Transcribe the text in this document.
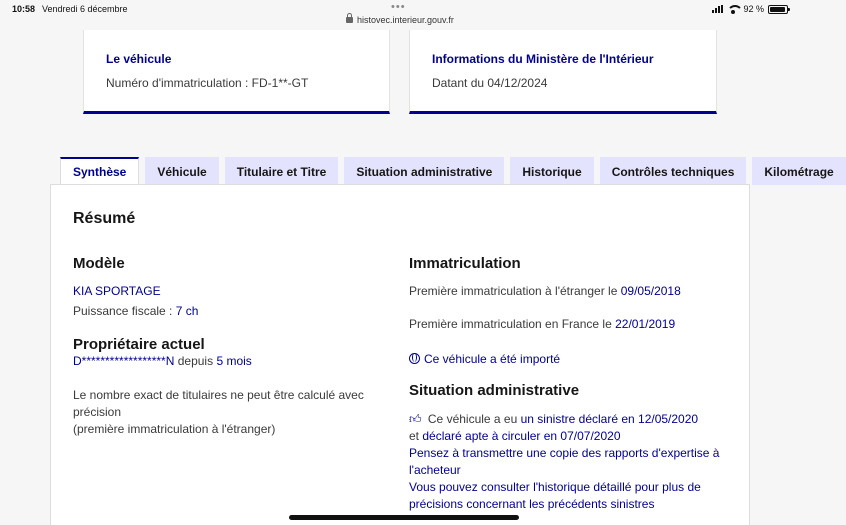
10:58 Vendredi 6 décembre	•••
histovec.interieur.gouv.fr
92 %
Le véhicule

Numéro d'immatriculation : FD-1**-GT

Informations du Ministère de l'Intérieur

Datant du 04/12/2024

Synthèse	Véhicule	Titulaire et Titre	Situation administrative	Historique	Contrôles techniques	Kilométrage
Résumé
Modèle
KIA SPORTAGE
Puissance fiscale : 7 ch
Propriétaire actuel
D******************N depuis 5 mois
Le nombre exact de titulaires ne peut être calculé avec précision
(première immatriculation à l'étranger)
Immatriculation
Première immatriculation à l'étranger le 09/05/2018
Première immatriculation en France le 22/01/2019
Ce véhicule a été importé
Situation administrative
👍︎ Ce véhicule a eu un sinistre déclaré en 12/05/2020
et déclaré apte à circuler en 07/07/2020
Pensez à transmettre une copie des rapports d'expertise à l'acheteur
Vous pouvez consulter l'historique détaillé pour plus de précisions concernant les précédents sinistres
